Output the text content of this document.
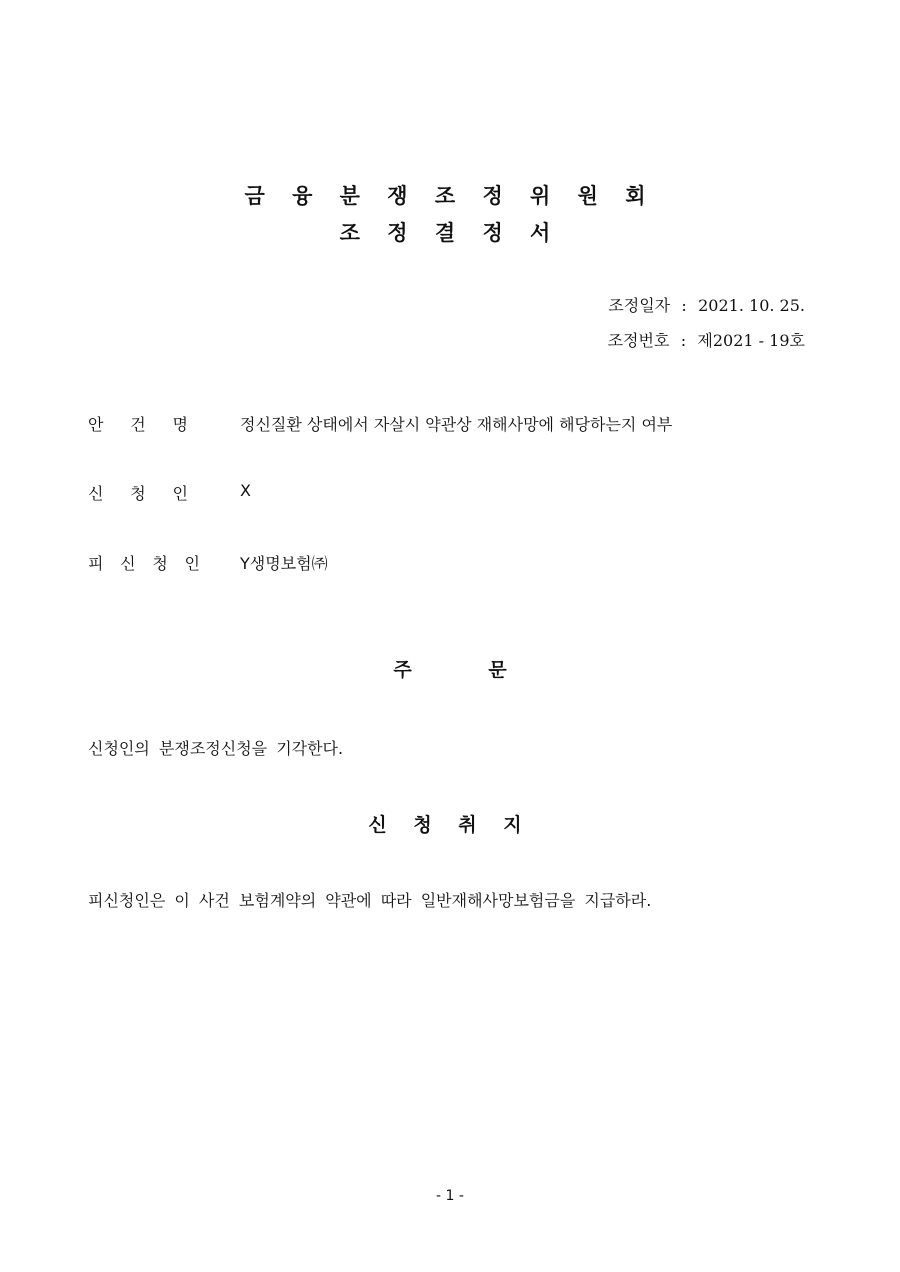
금 융 분 쟁 조 정 위 원 회
조 정 결 정 서
조정일자 : 2021. 10. 25.
조정번호 : 제2021 - 19호
안 건 명	정신질환 상태에서 자살시 약관상 재해사망에 해당하는지 여부
신 청 인	X
피 신 청 인	Y생명보험㈜
주	문
신청인의 분쟁조정신청을 기각한다.
신 청 취 지
피신청인은 이 사건 보험계약의 약관에 따라 일반재해사망보험금을 지급하라.
- 1 -
